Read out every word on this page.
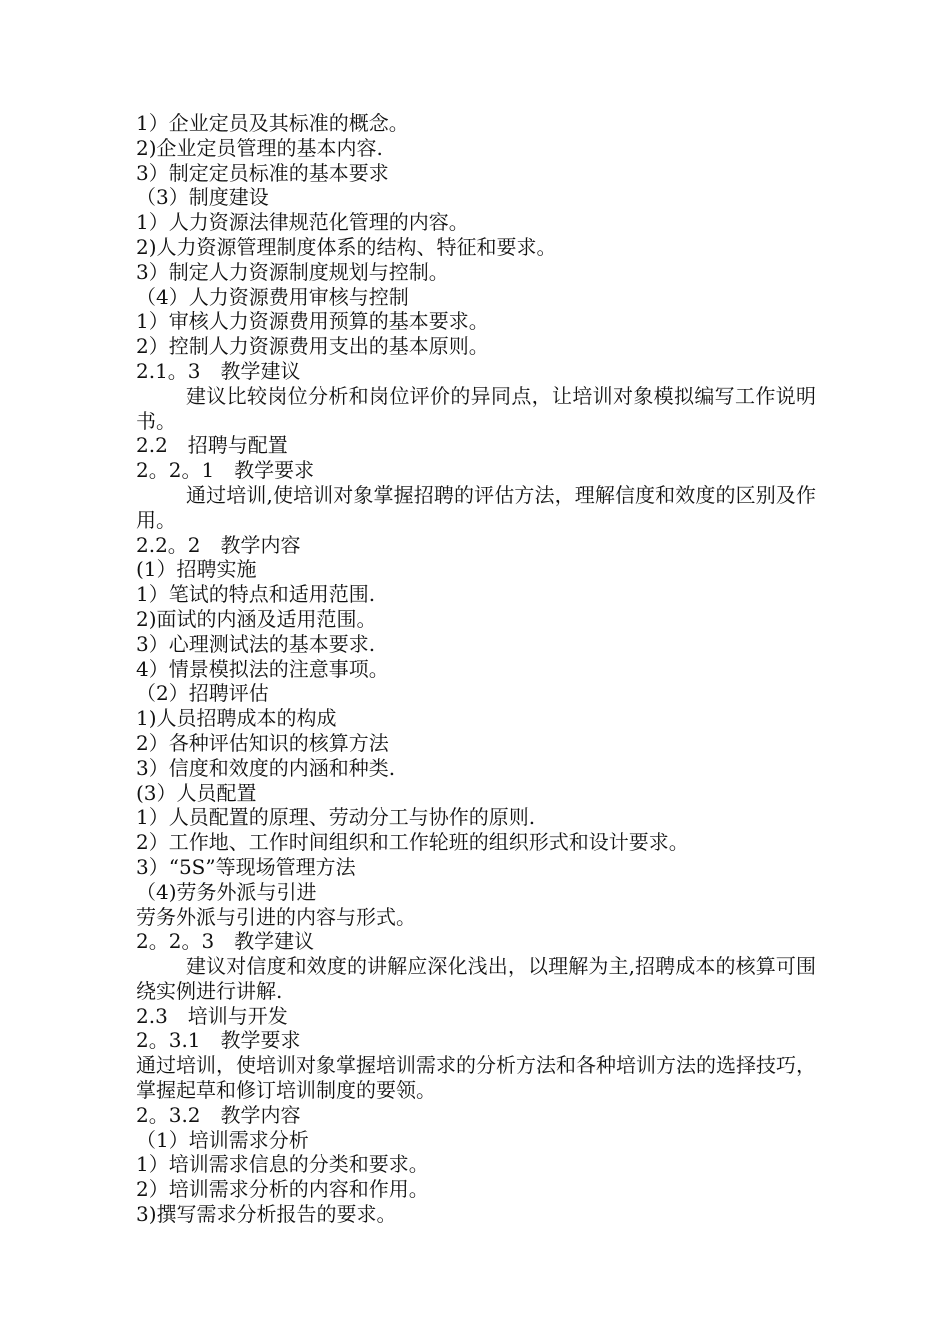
1）企业定员及其标准的概念。
2)企业定员管理的基本内容.
3）制定定员标准的基本要求
（3）制度建设
1）人力资源法律规范化管理的内容。
2)人力资源管理制度体系的结构、特征和要求。
3）制定人力资源制度规划与控制。
（4）人力资源费用审核与控制
1）审核人力资源费用预算的基本要求。
2）控制人力资源费用支出的基本原则。
2.1。3　教学建议
建议比较岗位分析和岗位评价的异同点，让培训对象模拟编写工作说明书。
2.2　招聘与配置
2。2。1　教学要求
通过培训,使培训对象掌握招聘的评估方法，理解信度和效度的区别及作用。
2.2。2　教学内容
(1）招聘实施
1）笔试的特点和适用范围.
2)面试的内涵及适用范围。
3）心理测试法的基本要求.
4）情景模拟法的注意事项。
（2）招聘评估
1)人员招聘成本的构成
2）各种评估知识的核算方法
3）信度和效度的内涵和种类.
(3）人员配置
1）人员配置的原理、劳动分工与协作的原则.
2）工作地、工作时间组织和工作轮班的组织形式和设计要求。
3）“5S”等现场管理方法
（4)劳务外派与引进
劳务外派与引进的内容与形式。
2。2。3　教学建议
建议对信度和效度的讲解应深化浅出，以理解为主,招聘成本的核算可围绕实例进行讲解.
2.3　培训与开发
2。3.1　教学要求
通过培训，使培训对象掌握培训需求的分析方法和各种培训方法的选择技巧，掌握起草和修订培训制度的要领。
2。3.2　教学内容
（1）培训需求分析
1）培训需求信息的分类和要求。
2）培训需求分析的内容和作用。
3)撰写需求分析报告的要求。
